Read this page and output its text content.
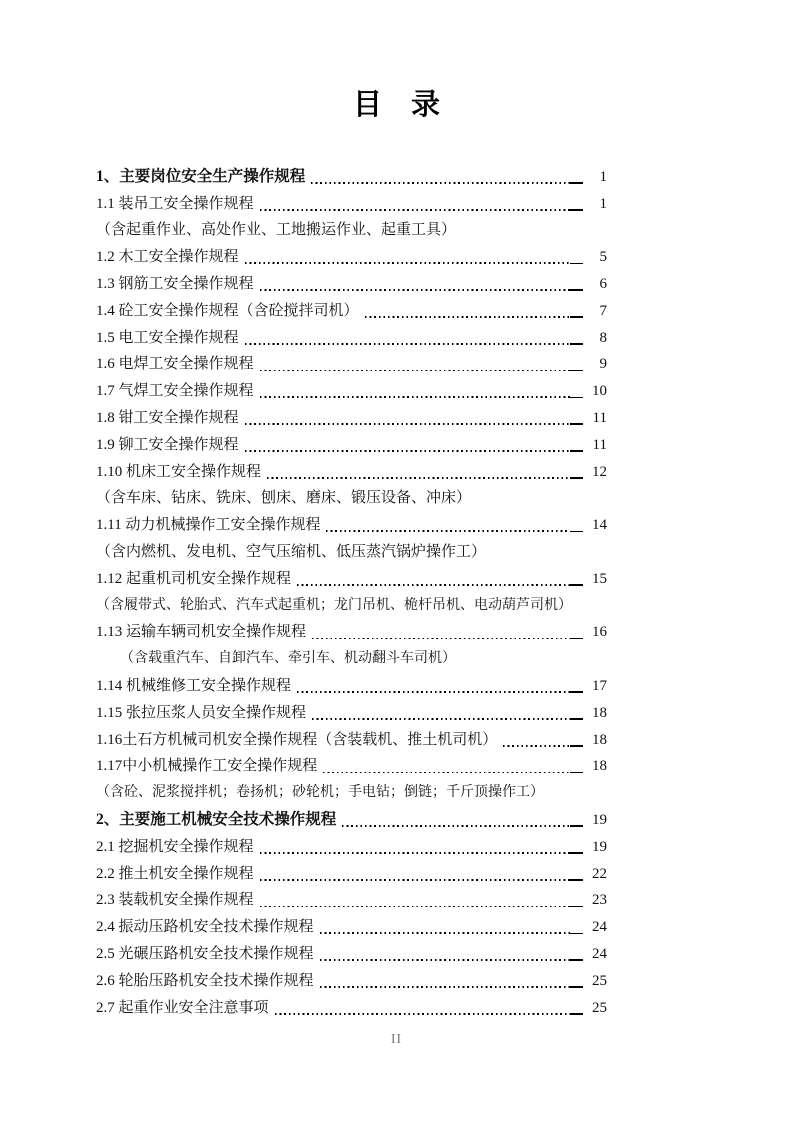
目　录
1、主要岗位安全生产操作规程	1
1.1 装吊工安全操作规程	1
（含起重作业、高处作业、工地搬运作业、起重工具）
1.2 木工安全操作规程	5
1.3 钢筋工安全操作规程	6
1.4 砼工安全操作规程（含砼搅拌司机）	7
1.5 电工安全操作规程	8
1.6 电焊工安全操作规程	9
1.7 气焊工安全操作规程	10
1.8 钳工安全操作规程	11
1.9 铆工安全操作规程	11
1.10 机床工安全操作规程	12
（含车床、钻床、铣床、刨床、磨床、锻压设备、冲床）
1.11 动力机械操作工安全操作规程	14
（含内燃机、发电机、空气压缩机、低压蒸汽锅炉操作工）
1.12 起重机司机安全操作规程	15
（含履带式、轮胎式、汽车式起重机；龙门吊机、桅杆吊机、电动葫芦司机）
1.13 运输车辆司机安全操作规程	16
（含载重汽车、自卸汽车、牵引车、机动翻斗车司机）
1.14 机械维修工安全操作规程	17
1.15 张拉压浆人员安全操作规程	18
1.16土石方机械司机安全操作规程（含装载机、推土机司机）	18
1.17中小机械操作工安全操作规程	18
（含砼、泥浆搅拌机；卷扬机；砂轮机；手电钻；倒链；千斤顶操作工）
2、主要施工机械安全技术操作规程	19
2.1 挖掘机安全操作规程	19
2.2 推土机安全操作规程	22
2.3 装载机安全操作规程	23
2.4 振动压路机安全技术操作规程	24
2.5 光碾压路机安全技术操作规程	24
2.6 轮胎压路机安全技术操作规程	25
2.7 起重作业安全注意事项	25
II
